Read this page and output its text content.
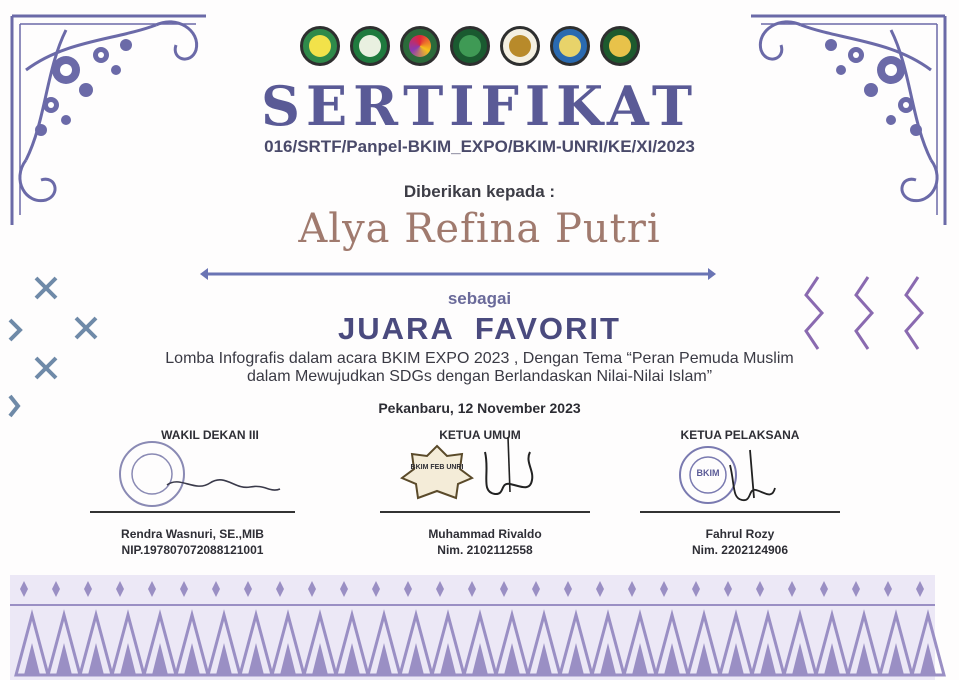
SERTIFIKAT
016/SRTF/Panpel-BKIM_EXPO/BKIM-UNRI/KE/XI/2023
Diberikan kepada :
Alya Refina Putri
sebagai
JUARA  FAVORIT
Lomba Infografis dalam acara BKIM EXPO 2023 , Dengan Tema “Peran Pemuda Muslim
dalam Mewujudkan SDGs dengan Berlandaskan Nilai-Nilai Islam”
Pekanbaru, 12 November 2023
WAKIL DEKAN III
Rendra Wasnuri, SE.,MIB
NIP.197807072088121001
KETUA UMUM
BKIM FEB UNRI
Muhammad Rivaldo
Nim. 2102112558
KETUA PELAKSANA
BKIM
Fahrul Rozy
Nim. 2202124906
